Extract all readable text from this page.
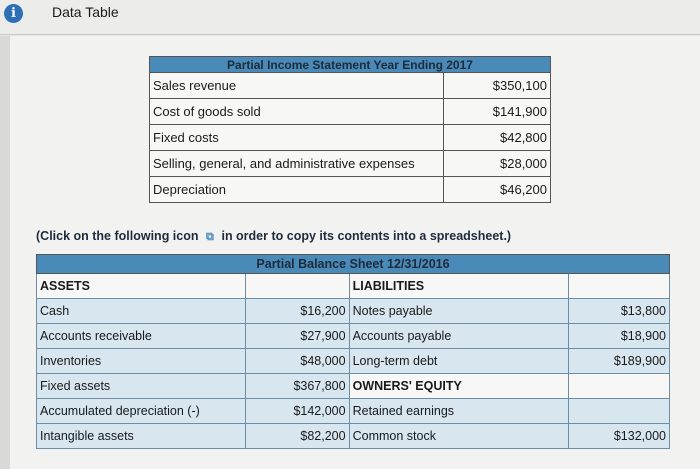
i	Data Table
Partial Income Statement Year Ending 2017	
Sales revenue	$350,100
Cost of goods sold	$141,900
Fixed costs	$42,800
Selling, general, and administrative expenses	$28,000
Depreciation	$46,200
(Click on the following icon ⧉ in order to copy its contents into a spreadsheet.)
Partial Balance Sheet 12/31/2016			
ASSETS		LIABILITIES	
Cash	$16,200	Notes payable	$13,800
Accounts receivable	$27,900	Accounts payable	$18,900
Inventories	$48,000	Long-term debt	$189,900
Fixed assets	$367,800	OWNERS' EQUITY	
Accumulated depreciation (-)	$142,000	Retained earnings	
Intangible assets	$82,200	Common stock	$132,000
